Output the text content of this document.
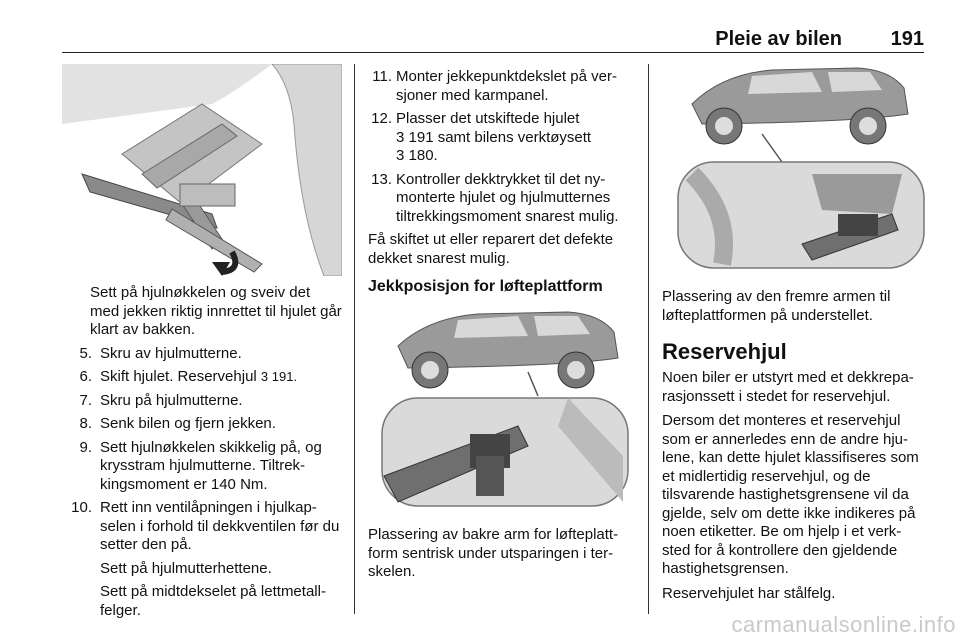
Pleie av bilen 191
Sett på hjulnøkkelen og sveiv det med jekken riktig innrettet til hjulet går klart av bakken.
5. Skru av hjulmutterne.
6. Skift hjulet. Reservehjul 3 191.
7. Skru på hjulmutterne.
8. Senk bilen og fjern jekken.
9. Sett hjulnøkkelen skikkelig på, og krysstram hjulmutterne. Tiltrek-kingsmoment er 140 Nm.
10. Rett inn ventilåpningen i hjulkap-selen i forhold til dekkventilen før du setter den på.
Sett på hjulmutterhettene.
Sett på midtdekselet på lettmetall-felger.
11. Monter jekkepunktdekslet på ver-sjoner med karmpanel.
12. Plasser det utskiftede hjulet
3 191 samt bilens verktøysett
3 180.
13. Kontroller dekktrykket til det ny-monterte hjulet og hjulmutternes tiltrekkingsmoment snarest mulig.
Få skiftet ut eller reparert det defekte dekket snarest mulig.
Jekkposisjon for løfteplattform
Plassering av bakre arm for løfteplatt-form sentrisk under utsparingen i ter-skelen.
Plassering av den fremre armen til løfteplattformen på understellet.
Reservehjul
Noen biler er utstyrt med et dekkrepa-rasjonssett i stedet for reservehjul.
Dersom det monteres et reservehjul som er annerledes enn de andre hju-lene, kan dette hjulet klassifiseres som et midlertidig reservehjul, og de tilsvarende hastighetsgrensene vil da gjelde, selv om dette ikke indikeres på noen etiketter. Be om hjelp i et verk-sted for å kontrollere den gjeldende hastighetsgrensen.
Reservehjulet har stålfelg.
carmanualsonline.info
